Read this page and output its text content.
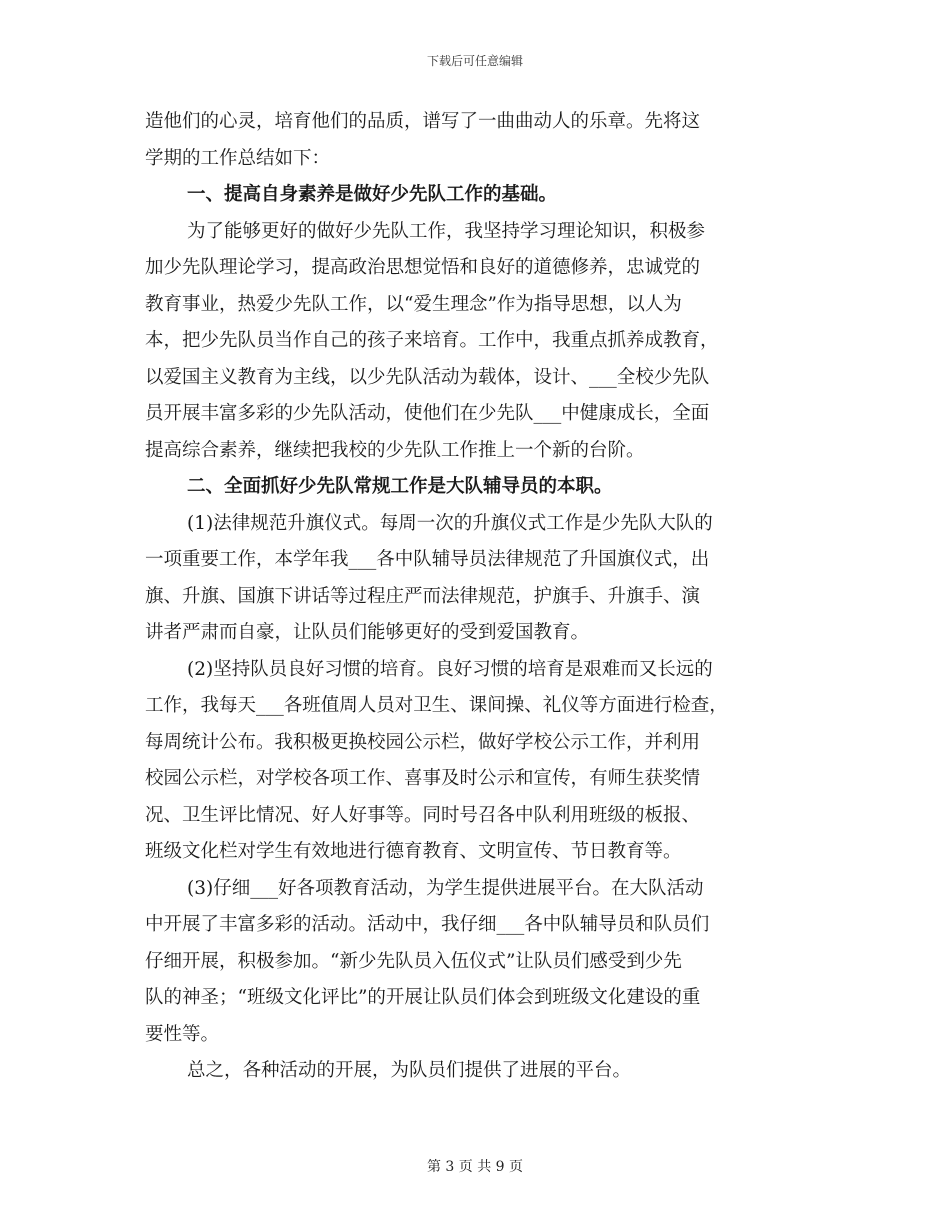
下载后可任意编辑
造他们的心灵，培育他们的品质，谱写了一曲曲动人的乐章。先将这
学期的工作总结如下：
一、提高自身素养是做好少先队工作的基础。
为了能够更好的做好少先队工作，我坚持学习理论知识，积极参
加少先队理论学习，提高政治思想觉悟和良好的道德修养，忠诚党的
教育事业，热爱少先队工作，以“爱生理念”作为指导思想，以人为
本，把少先队员当作自己的孩子来培育。工作中，我重点抓养成教育，
以爱国主义教育为主线，以少先队活动为载体，设计、___全校少先队
员开展丰富多彩的少先队活动，使他们在少先队___中健康成长，全面
提高综合素养，继续把我校的少先队工作推上一个新的台阶。
二、全面抓好少先队常规工作是大队辅导员的本职。
(1)法律规范升旗仪式。每周一次的升旗仪式工作是少先队大队的
一项重要工作，本学年我___各中队辅导员法律规范了升国旗仪式，出
旗、升旗、国旗下讲话等过程庄严而法律规范，护旗手、升旗手、演
讲者严肃而自豪，让队员们能够更好的受到爱国教育。
(2)坚持队员良好习惯的培育。良好习惯的培育是艰难而又长远的
工作，我每天___各班值周人员对卫生、课间操、礼仪等方面进行检查，
每周统计公布。我积极更换校园公示栏，做好学校公示工作，并利用
校园公示栏，对学校各项工作、喜事及时公示和宣传，有师生获奖情
况、卫生评比情况、好人好事等。同时号召各中队利用班级的板报、
班级文化栏对学生有效地进行德育教育、文明宣传、节日教育等。
(3)仔细___好各项教育活动，为学生提供进展平台。在大队活动
中开展了丰富多彩的活动。活动中，我仔细___各中队辅导员和队员们
仔细开展，积极参加。“新少先队员入伍仪式”让队员们感受到少先
队的神圣；“班级文化评比”的开展让队员们体会到班级文化建设的重
要性等。
总之，各种活动的开展，为队员们提供了进展的平台。
第 3 页 共 9 页
